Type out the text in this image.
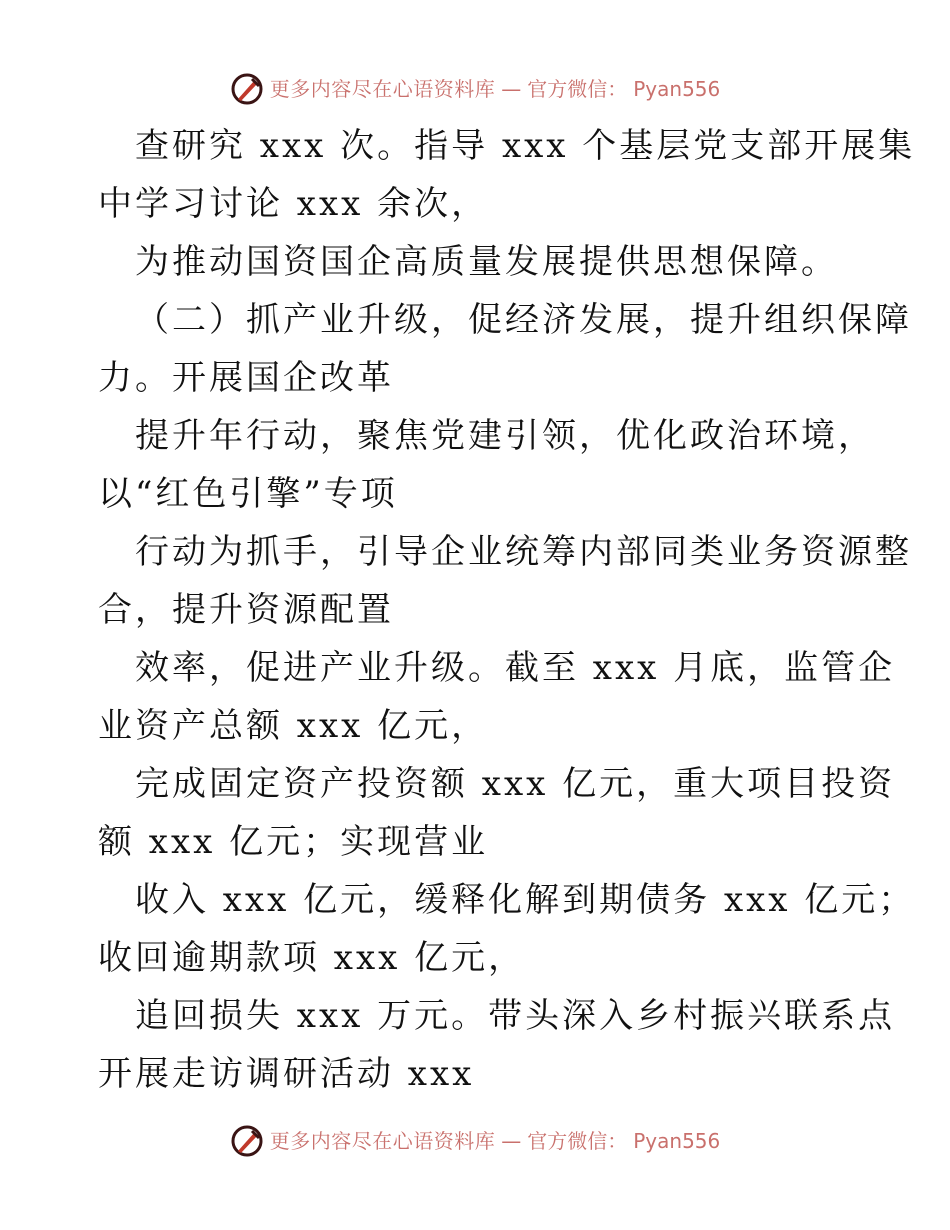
更多内容尽在心语资料库 — 官方微信： Pyan556
查研究 xxx 次。指导 xxx 个基层党支部开展集
中学习讨论 xxx 余次，
为推动国资国企高质量发展提供思想保障。
（二）抓产业升级，促经济发展，提升组织保障
力。开展国企改革
提升年行动，聚焦党建引领，优化政治环境，
以“红色引擎”专项
行动为抓手，引导企业统筹内部同类业务资源整
合，提升资源配置
效率，促进产业升级。截至 xxx 月底，监管企
业资产总额 xxx 亿元，
完成固定资产投资额 xxx 亿元，重大项目投资
额 xxx 亿元；实现营业
收入 xxx 亿元，缓释化解到期债务 xxx 亿元；
收回逾期款项 xxx 亿元，
追回损失 xxx 万元。带头深入乡村振兴联系点
开展走访调研活动 xxx
更多内容尽在心语资料库 — 官方微信： Pyan556
